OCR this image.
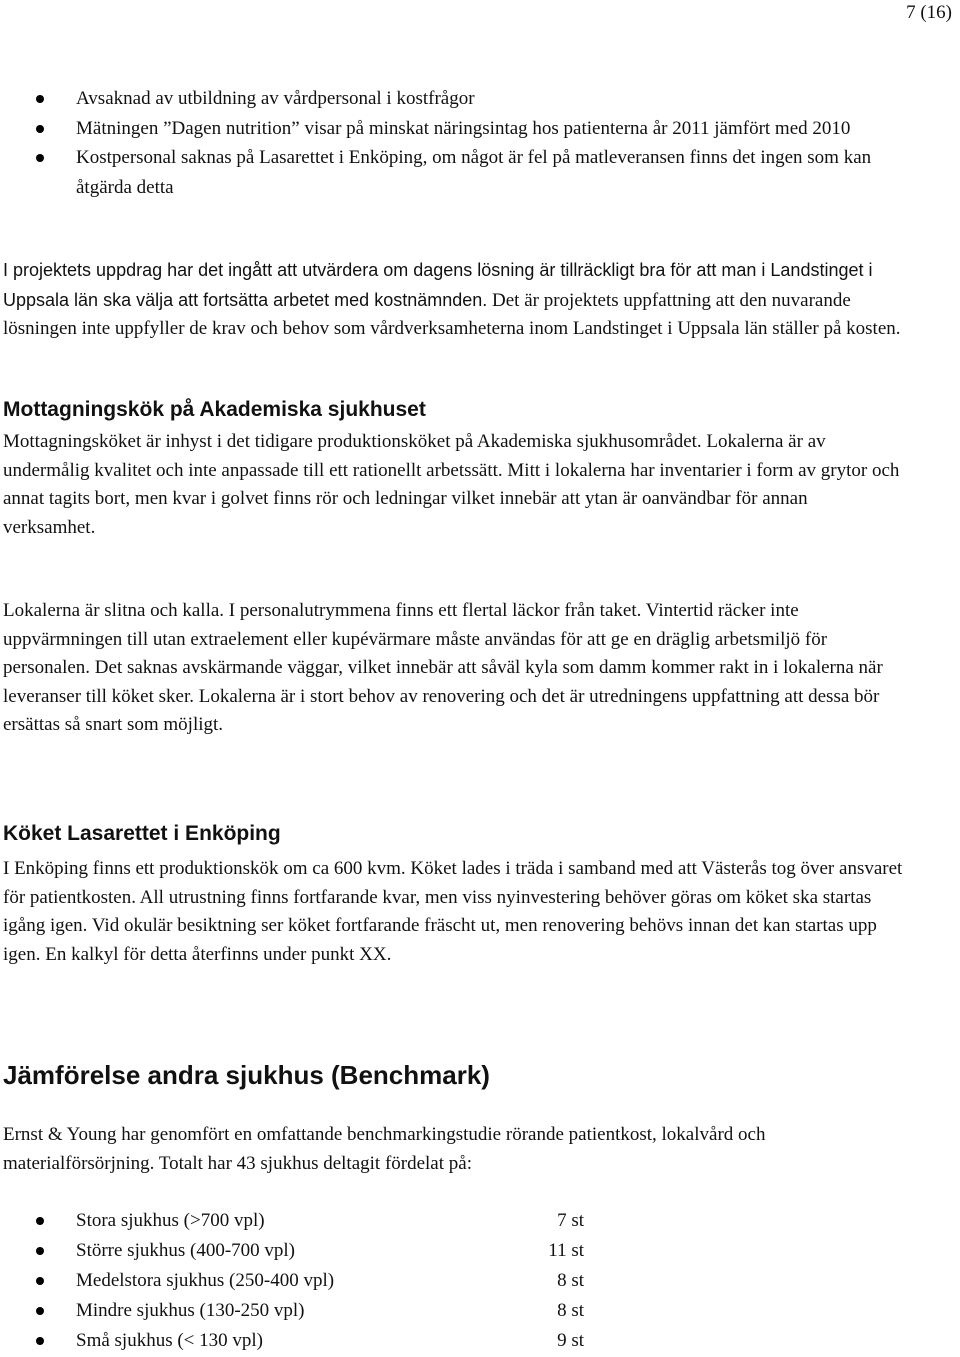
7 (16)
Avsaknad av utbildning av vårdpersonal i kostfrågor
Mätningen ”Dagen nutrition” visar på minskat näringsintag hos patienterna år 2011 jämfört med 2010
Kostpersonal saknas på Lasarettet i Enköping, om något är fel på matleveransen finns det ingen som kan åtgärda detta

I projektets uppdrag har det ingått att utvärdera om dagens lösning är tillräckligt bra för att man i Landstinget i Uppsala län ska välja att fortsätta arbetet med kostnämnden. Det är projektets uppfattning att den nuvarande lösningen inte uppfyller de krav och behov som vårdverksamheterna inom Landstinget i Uppsala län ställer på kosten.

Mottagningskök på Akademiska sjukhuset

Mottagningsköket är inhyst i det tidigare produktionsköket på Akademiska sjukhusområdet. Lokalerna är av undermålig kvalitet och inte anpassade till ett rationellt arbetssätt. Mitt i lokalerna har inventarier i form av grytor och annat tagits bort, men kvar i golvet finns rör och ledningar vilket innebär att ytan är oanvändbar för annan verksamhet.

Lokalerna är slitna och kalla. I personalutrymmena finns ett flertal läckor från taket. Vintertid räcker inte uppvärmningen till utan extraelement eller kupévärmare måste användas för att ge en dräglig arbetsmiljö för personalen. Det saknas avskärmande väggar, vilket innebär att såväl kyla som damm kommer rakt in i lokalerna när leveranser till köket sker. Lokalerna är i stort behov av renovering och det är utredningens uppfattning att dessa bör ersättas så snart som möjligt.

Köket Lasarettet i Enköping

I Enköping finns ett produktionskök om ca 600 kvm. Köket lades i träda i samband med att Västerås tog över ansvaret för patientkosten. All utrustning finns fortfarande kvar, men viss nyinvestering behöver göras om köket ska startas igång igen. Vid okulär besiktning ser köket fortfarande fräscht ut, men renovering behövs innan det kan startas upp igen. En kalkyl för detta återfinns under punkt XX.

Jämförelse andra sjukhus (Benchmark)

Ernst & Young har genomfört en omfattande benchmarkingstudie rörande patientkost, lokalvård och materialförsörjning. Totalt har 43 sjukhus deltagit fördelat på:

Stora sjukhus (>700 vpl)	7 st
Större sjukhus (400-700 vpl)	11 st
Medelstora sjukhus (250-400 vpl)	8 st
Mindre sjukhus (130-250 vpl)	8 st
Små sjukhus (< 130 vpl)	9 st
